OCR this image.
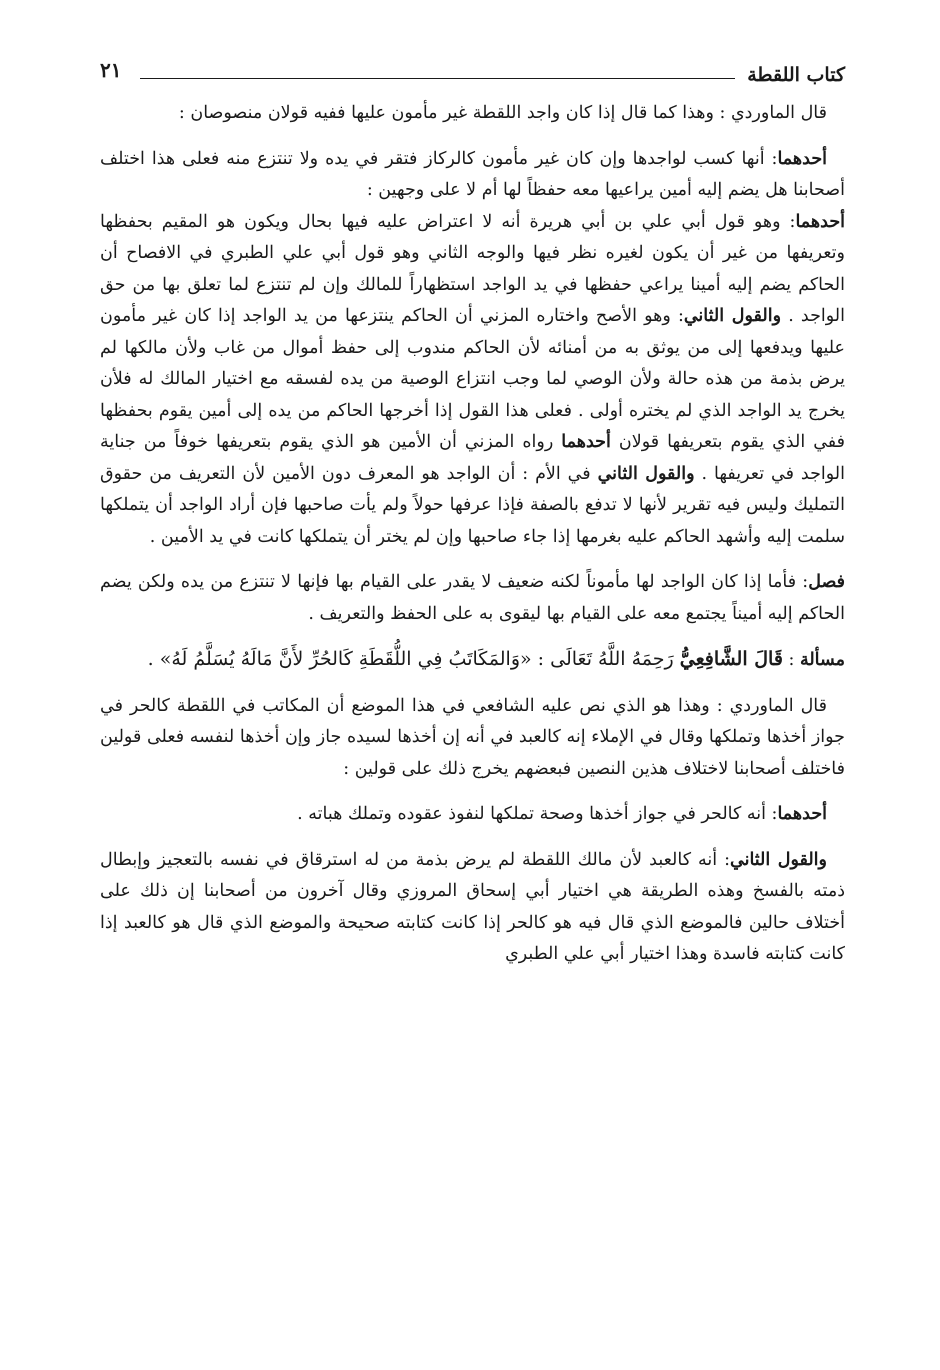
كتاب اللقطة
٢١

قال الماوردي : وهذا كما قال إذا كان واجد اللقطة غير مأمون عليها ففيه قولان منصوصان :

أحدهما: أنها كسب لواجدها وإن كان غير مأمون كالركاز فتقر في يده ولا تنتزع منه فعلى هذا اختلف أصحابنا هل يضم إليه أمين يراعيها معه حفظاً لها أم لا على وجهين :

أحدهما: وهو قول أبي علي بن أبي هريرة أنه لا اعتراض عليه فيها بحال ويكون هو المقيم بحفظها وتعريفها من غير أن يكون لغيره نظر فيها والوجه الثاني وهو قول أبي علي الطبري في الافصاح أن الحاكم يضم إليه أمينا يراعي حفظها في يد الواجد استظهاراً للمالك وإن لم تنتزع لما تعلق بها من حق الواجد . والقول الثاني: وهو الأصح واختاره المزني أن الحاكم ينتزعها من يد الواجد إذا كان غير مأمون عليها ويدفعها إلى من يوثق به من أمنائه لأن الحاكم مندوب إلى حفظ أموال من غاب ولأن مالكها لم يرض بذمة من هذه حالة ولأن الوصي لما وجب انتزاع الوصية من يده لفسقه مع اختيار المالك له فلأن يخرج يد الواجد الذي لم يختره أولى . فعلى هذا القول إذا أخرجها الحاكم من يده إلى أمين يقوم بحفظها ففي الذي يقوم بتعريفها قولان أحدهما رواه المزني أن الأمين هو الذي يقوم بتعريفها خوفاً من جناية الواجد في تعريفها . والقول الثاني في الأم : أن الواجد هو المعرف دون الأمين لأن التعريف من حقوق التمليك وليس فيه تقرير لأنها لا تدفع بالصفة فإذا عرفها حولاً ولم يأت صاحبها فإن أراد الواجد أن يتملكها سلمت إليه وأشهد الحاكم عليه بغرمها إذا جاء صاحبها وإن لم يختر أن يتملكها كانت في يد الأمين .

فصل: فأما إذا كان الواجد لها مأموناً لكنه ضعيف لا يقدر على القيام بها فإنها لا تنتزع من يده ولكن يضم الحاكم إليه أميناً يجتمع معه على القيام بها ليقوى به على الحفظ والتعريف .

مسألة : قَالَ الشَّافِعِيُّ رَحِمَهُ اللَّهُ تَعَالَى : «وَالمَكَاتَبُ فِي اللُّقَطَةِ كَالحُرِّ لأَنَّ مَالَهُ يُسَلَّمُ لَهُ» .

قال الماوردي : وهذا هو الذي نص عليه الشافعي في هذا الموضع أن المكاتب في اللقطة كالحر في جواز أخذها وتملكها وقال في الإملاء إنه كالعبد في أنه إن أخذها لسيده جاز وإن أخذها لنفسه فعلى قولين فاختلف أصحابنا لاختلاف هذين النصين فبعضهم يخرج ذلك على قولين :

أحدهما: أنه كالحر في جواز أخذها وصحة تملكها لنفوذ عقوده وتملك هباته .

والقول الثاني: أنه كالعبد لأن مالك اللقطة لم يرض بذمة من له استرقاق في نفسه بالتعجيز وإبطال ذمته بالفسخ وهذه الطريقة هي اختيار أبي إسحاق المروزي وقال آخرون من أصحابنا إن ذلك على أختلاف حالين فالموضع الذي قال فيه هو كالحر إذا كانت كتابته صحيحة والموضع الذي قال هو كالعبد إذا كانت كتابته فاسدة وهذا اختيار أبي علي الطبري
